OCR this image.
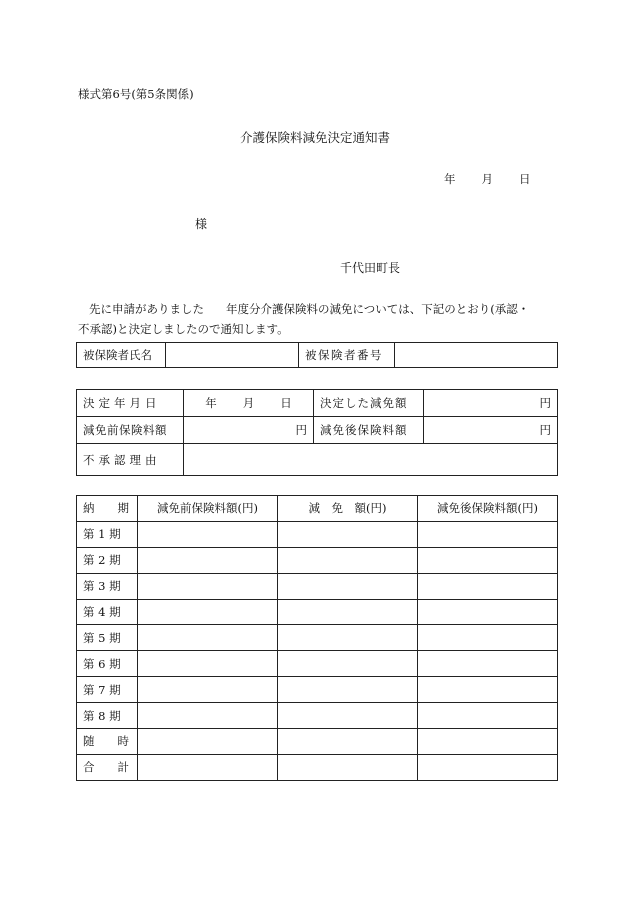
様式第6号(第5条関係)
介護保険料減免決定通知書
年 月 日
様
千代田町長
先に申請がありました 年度分介護保険料の減免については、下記のとおり(承認・
不承認)と決定しましたので通知します。
被保険者氏名		被保険者番号	
決定年月日	年 月 日	決定した減免額	円
減免前保険料額	円	減免後保険料額	円
不承認理由			
納　　期	減免前保険料額(円)	減　免　額(円)	減免後保険料額(円)
第 1 期			
第 2 期			
第 3 期			
第 4 期			
第 5 期			
第 6 期			
第 7 期			
第 8 期			
随　　時			
合　　計			
